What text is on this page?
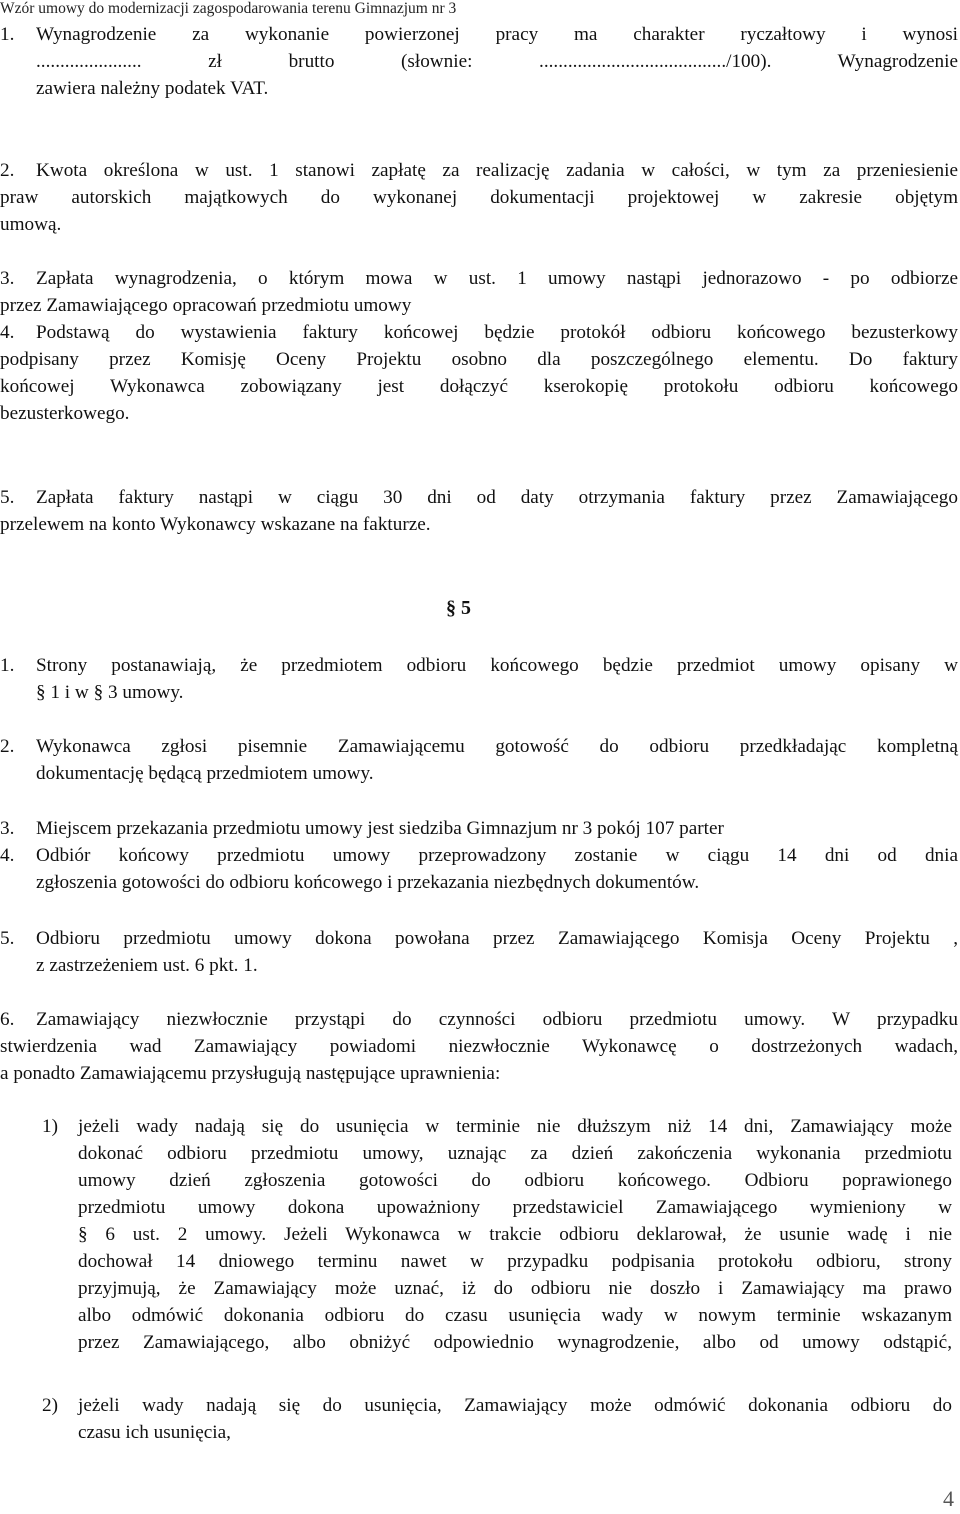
Wzór umowy do modernizacji zagospodarowania terenu Gimnazjum nr 3
1. Wynagrodzenie za wykonanie powierzonej pracy ma charakter ryczałtowy i wynosi
...................... zł brutto (słownie: ......................................./100). Wynagrodzenie
zawiera należny podatek VAT.
2. Kwota określona w ust. 1 stanowi zapłatę za realizację zadania w całości, w tym za przeniesienie
praw autorskich majątkowych do wykonanej dokumentacji projektowej w zakresie objętym
umową.
3. Zapłata wynagrodzenia, o którym mowa w ust. 1 umowy nastąpi jednorazowo - po odbiorze
przez Zamawiającego opracowań przedmiotu umowy
4. Podstawą do wystawienia faktury końcowej będzie protokół odbioru końcowego bezusterkowy
podpisany przez Komisję Oceny Projektu osobno dla poszczególnego elementu. Do faktury
końcowej Wykonawca zobowiązany jest dołączyć kserokopię protokołu odbioru końcowego
bezusterkowego.
5. Zapłata faktury nastąpi w ciągu 30 dni od daty otrzymania faktury przez Zamawiającego
przelewem na konto Wykonawcy wskazane na fakturze.
§ 5
1. Strony postanawiają, że przedmiotem odbioru końcowego będzie przedmiot umowy opisany w
§ 1 i w § 3 umowy.
2. Wykonawca zgłosi pisemnie Zamawiającemu gotowość do odbioru przedkładając kompletną
dokumentację będącą przedmiotem umowy.
3. Miejscem przekazania przedmiotu umowy jest siedziba Gimnazjum nr 3 pokój 107 parter
4. Odbiór końcowy przedmiotu umowy przeprowadzony zostanie w ciągu 14 dni od dnia
zgłoszenia gotowości do odbioru końcowego i przekazania niezbędnych dokumentów.
5. Odbioru przedmiotu umowy dokona powołana przez Zamawiającego Komisja Oceny Projektu ,
z zastrzeżeniem ust. 6 pkt. 1.
6. Zamawiający niezwłocznie przystąpi do czynności odbioru przedmiotu umowy. W przypadku
stwierdzenia wad Zamawiający powiadomi niezwłocznie Wykonawcę o dostrzeżonych wadach,
a ponadto Zamawiającemu przysługują następujące uprawnienia:
1) jeżeli wady nadają się do usunięcia w terminie nie dłuższym niż 14 dni, Zamawiający może
dokonać odbioru przedmiotu umowy, uznając za dzień zakończenia wykonania przedmiotu
umowy dzień zgłoszenia gotowości do odbioru końcowego. Odbioru poprawionego
przedmiotu umowy dokona upoważniony przedstawiciel Zamawiającego wymieniony w
§ 6 ust. 2 umowy. Jeżeli Wykonawca w trakcie odbioru deklarował, że usunie wadę i nie
dochował 14 dniowego terminu nawet w przypadku podpisania protokołu odbioru, strony
przyjmują, że Zamawiający może uznać, iż do odbioru nie doszło i Zamawiający ma prawo
albo odmówić dokonania odbioru do czasu usunięcia wady w nowym terminie wskazanym
przez Zamawiającego, albo obniżyć odpowiednio wynagrodzenie, albo od umowy odstąpić,
2) jeżeli wady nadają się do usunięcia, Zamawiający może odmówić dokonania odbioru do
czasu ich usunięcia,
4
